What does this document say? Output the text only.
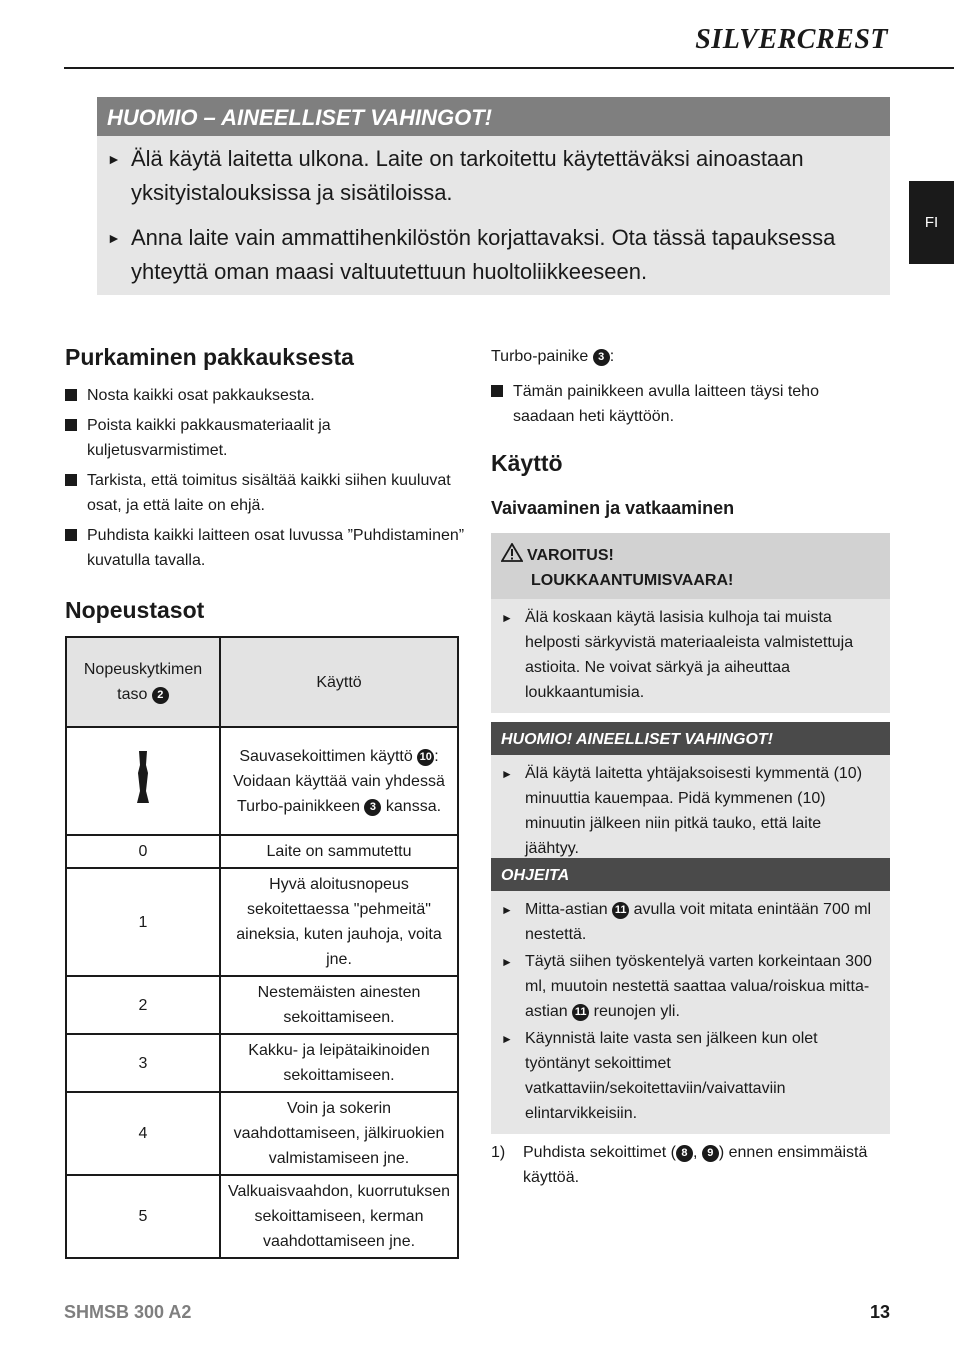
SILVERCREST
FI
HUOMIO – AINEELLISET VAHINGOT!
► Älä käytä laitetta ulkona. Laite on tarkoitettu käytettäväksi ainoastaan yksityistalouksissa ja sisätiloissa.
► Anna laite vain ammattihenkilöstön korjattavaksi. Ota tässä tapauksessa yhteyttä oman maasi valtuutettuun huoltoliikkeeseen.
Purkaminen pakkauksesta
Nosta kaikki osat pakkauksesta.
Poista kaikki pakkausmateriaalit ja kuljetusvarmistimet.
Tarkista, että toimitus sisältää kaikki siihen kuuluvat osat, ja että laite on ehjä.
Puhdista kaikki laitteen osat luvussa ”Puhdistaminen” kuvatulla tavalla.
Nopeustasot
Nopeuskytkimen taso 2	Käyttö
	Sauvasekoittimen käyttö 10 : Voidaan käyttää vain yhdessä Turbo-painikkeen 3 kanssa.
0	Laite on sammutettu
1	Hyvä aloitusnopeus sekoitettaessa "pehmeitä" aineksia, kuten jauhoja, voita jne.
2	Nestemäisten ainesten sekoittamiseen.
3	Kakku- ja leipätaikinoiden sekoittamiseen.
4	Voin ja sokerin vaahdottamiseen, jälkiruokien valmistamiseen jne.
5	Valkuaisvaahdon, kuorrutuksen sekoittamiseen, kerman vaahdottamiseen jne.
Turbo-painike 3 :
Tämän painikkeen avulla laitteen täysi teho saadaan heti käyttöön.
Käyttö
Vaivaaminen ja vatkaaminen
VAROITUS!
LOUKKAANTUMISVAARA!
► Älä koskaan käytä lasisia kulhoja tai muista helposti särkyvistä materiaaleista valmistettuja astioita. Ne voivat särkyä ja aiheuttaa loukkaantumisia.
HUOMIO! AINEELLISET VAHINGOT!
► Älä käytä laitetta yhtäjaksoisesti kymmentä (10) minuuttia kauempaa. Pidä kymmenen (10) minuutin jälkeen niin pitkä tauko, että laite jäähtyy.
OHJEITA
► Mitta-astian 11 avulla voit mitata enintään 700 ml nestettä.
► Täytä siihen työskentelyä varten korkeintaan 300 ml, muutoin nestettä saattaa valua/roiskua mitta-astian 11 reunojen yli.
► Käynnistä laite vasta sen jälkeen kun olet työntänyt sekoittimet vatkattaviin/sekoitettaviin/vaivattaviin elintarvikkeisiin.
1)	Puhdista sekoittimet ( 8 , 9 ) ennen ensimmäistä käyttöä.
SHMSB 300 A2	13
